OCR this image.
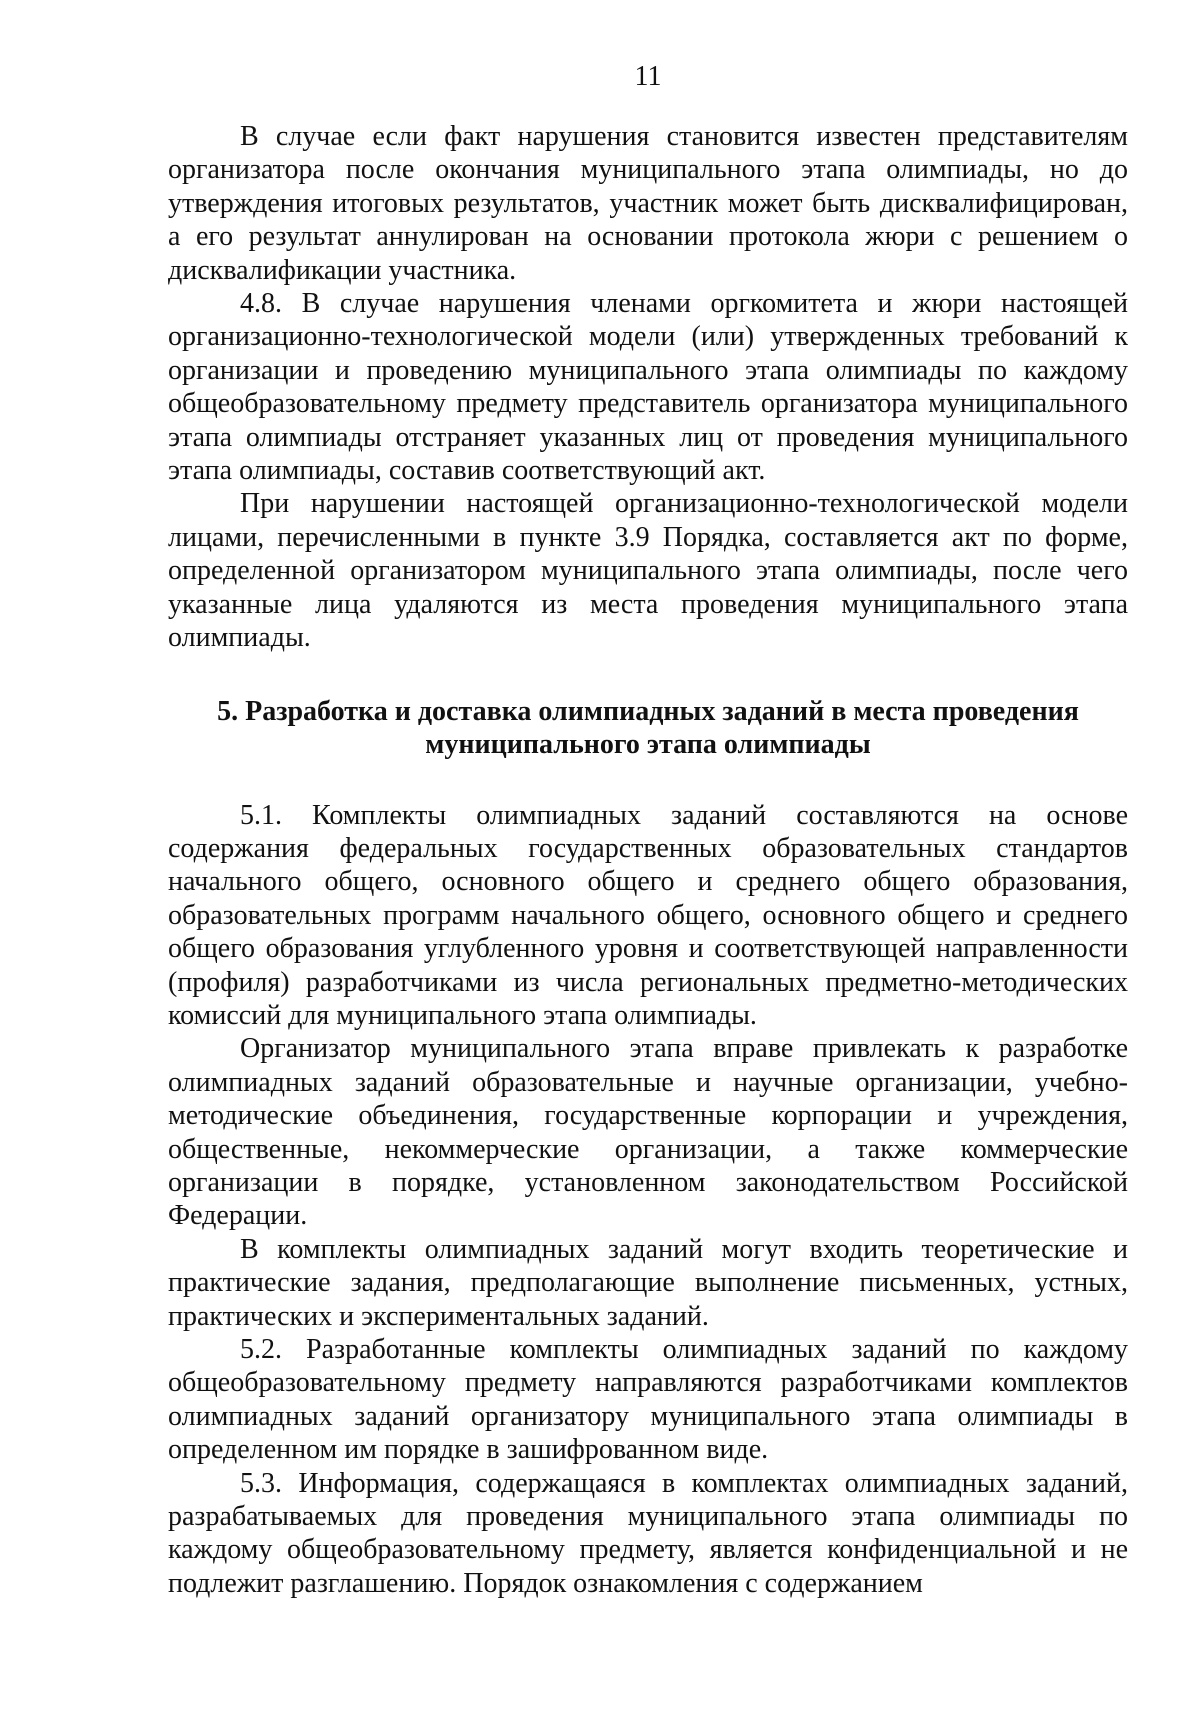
11

В случае если факт нарушения становится известен представителям организатора после окончания муниципального этапа олимпиады, но до утверждения итоговых результатов, участник может быть дисквалифицирован, а его результат аннулирован на основании протокола жюри с решением о дисквалификации участника.

4.8. В случае нарушения членами оргкомитета и жюри настоящей организационно-технологической модели (или) утвержденных требований к организации и проведению муниципального этапа олимпиады по каждому общеобразовательному предмету представитель организатора муниципального этапа олимпиады отстраняет указанных лиц от проведения муниципального этапа олимпиады, составив соответствующий акт.

При нарушении настоящей организационно-технологической модели лицами, перечисленными в пункте 3.9 Порядка, составляется акт по форме, определенной организатором муниципального этапа олимпиады, после чего указанные лица удаляются из места проведения муниципального этапа олимпиады.

5. Разработка и доставка олимпиадных заданий в места проведения
муниципального этапа олимпиады

5.1. Комплекты олимпиадных заданий составляются на основе содержания федеральных государственных образовательных стандартов начального общего, основного общего и среднего общего образования, образовательных программ начального общего, основного общего и среднего общего образования углубленного уровня и соответствующей направленности (профиля) разработчиками из числа региональных предметно-методических комиссий для муниципального этапа олимпиады.

Организатор муниципального этапа вправе привлекать к разработке олимпиадных заданий образовательные и научные организации, учебно-методические объединения, государственные корпорации и учреждения, общественные, некоммерческие организации, а также коммерческие организации в порядке, установленном законодательством Российской Федерации.

В комплекты олимпиадных заданий могут входить теоретические и практические задания, предполагающие выполнение письменных, устных, практических и экспериментальных заданий.

5.2. Разработанные комплекты олимпиадных заданий по каждому общеобразовательному предмету направляются разработчиками комплектов олимпиадных заданий организатору муниципального этапа олимпиады в определенном им порядке в зашифрованном виде.

5.3. Информация, содержащаяся в комплектах олимпиадных заданий, разрабатываемых для проведения муниципального этапа олимпиады по каждому общеобразовательному предмету, является конфиденциальной и не подлежит разглашению. Порядок ознакомления с содержанием
